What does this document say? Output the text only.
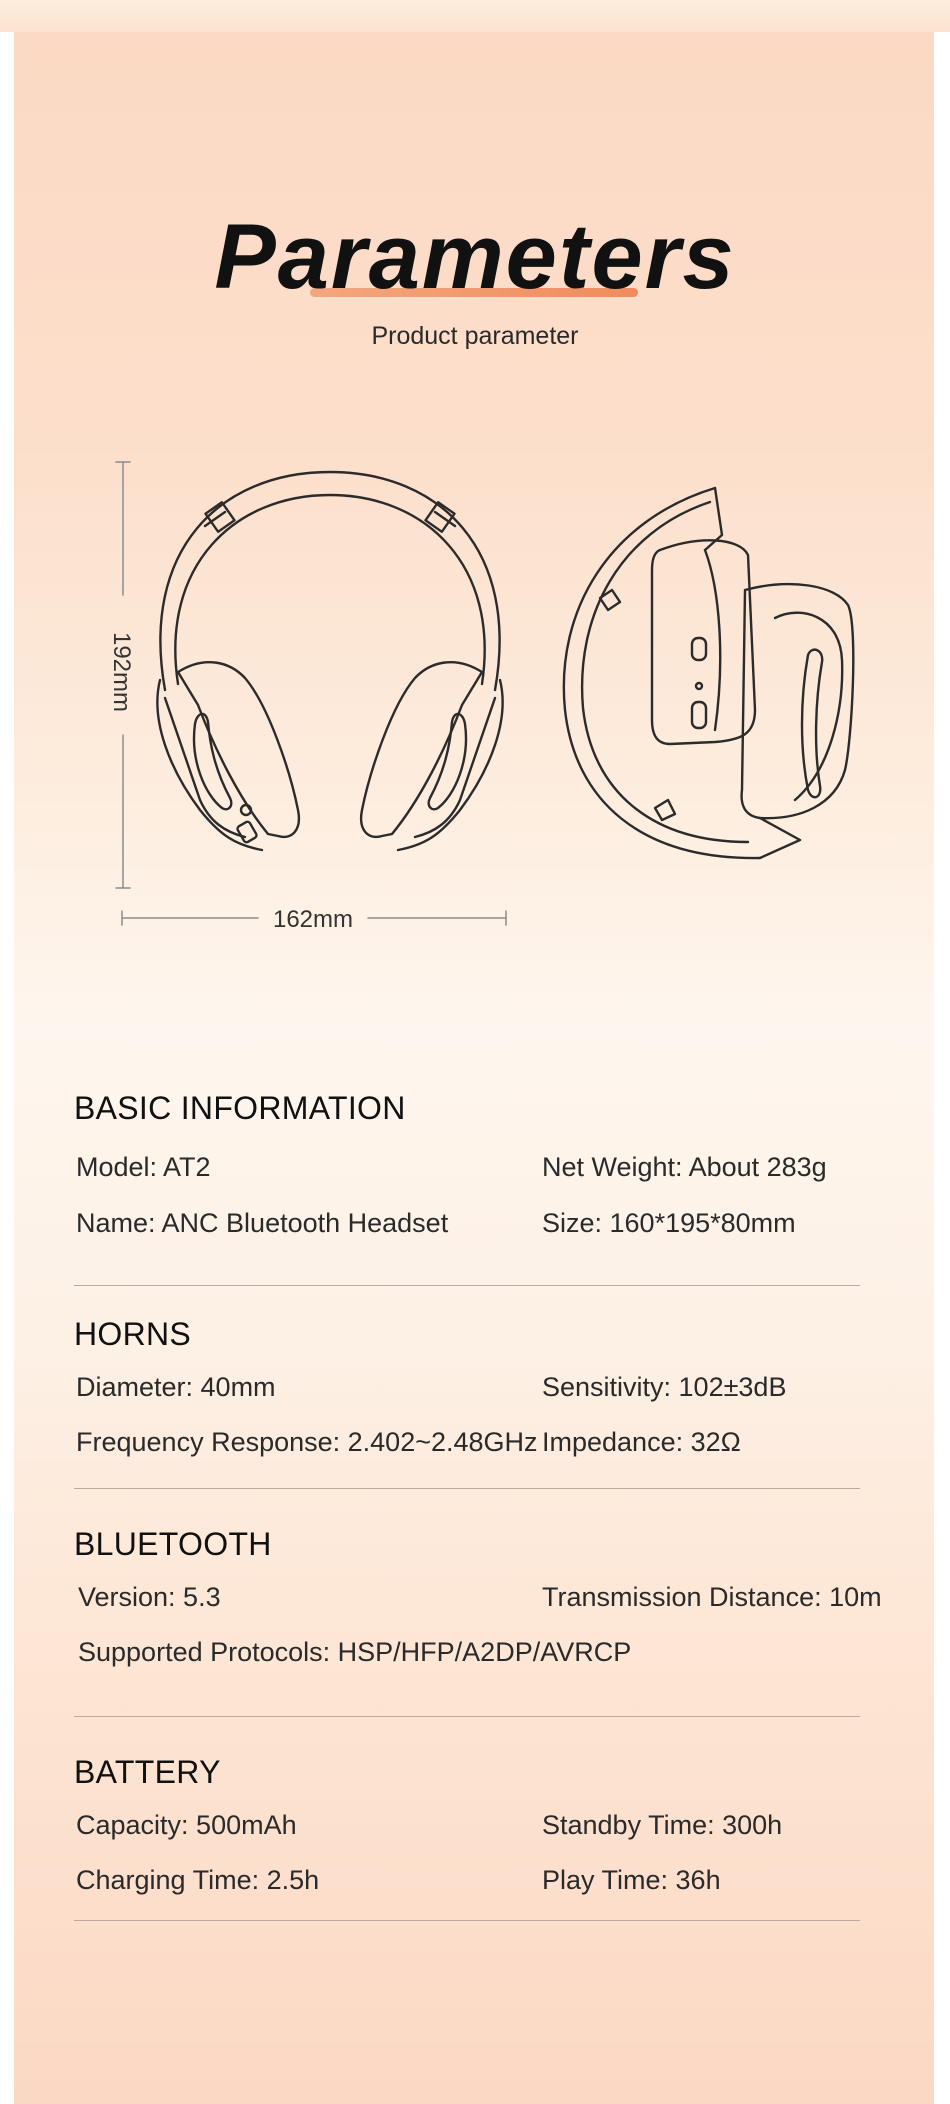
Parameters
Product parameter
162mm
192mm
BASIC INFORMATION
Model: AT2	Net Weight: About 283g
Name: ANC Bluetooth Headset	Size: 160*195*80mm
HORNS
Diameter: 40mm	Sensitivity: 102±3dB
Frequency Response: 2.402~2.48GHz Impedance: 32Ω
BLUETOOTH
Version: 5.3	Transmission Distance: 10m
Supported Protocols: HSP/HFP/A2DP/AVRCP
BATTERY
Capacity: 500mAh	Standby Time: 300h
Charging Time: 2.5h	Play Time: 36h
